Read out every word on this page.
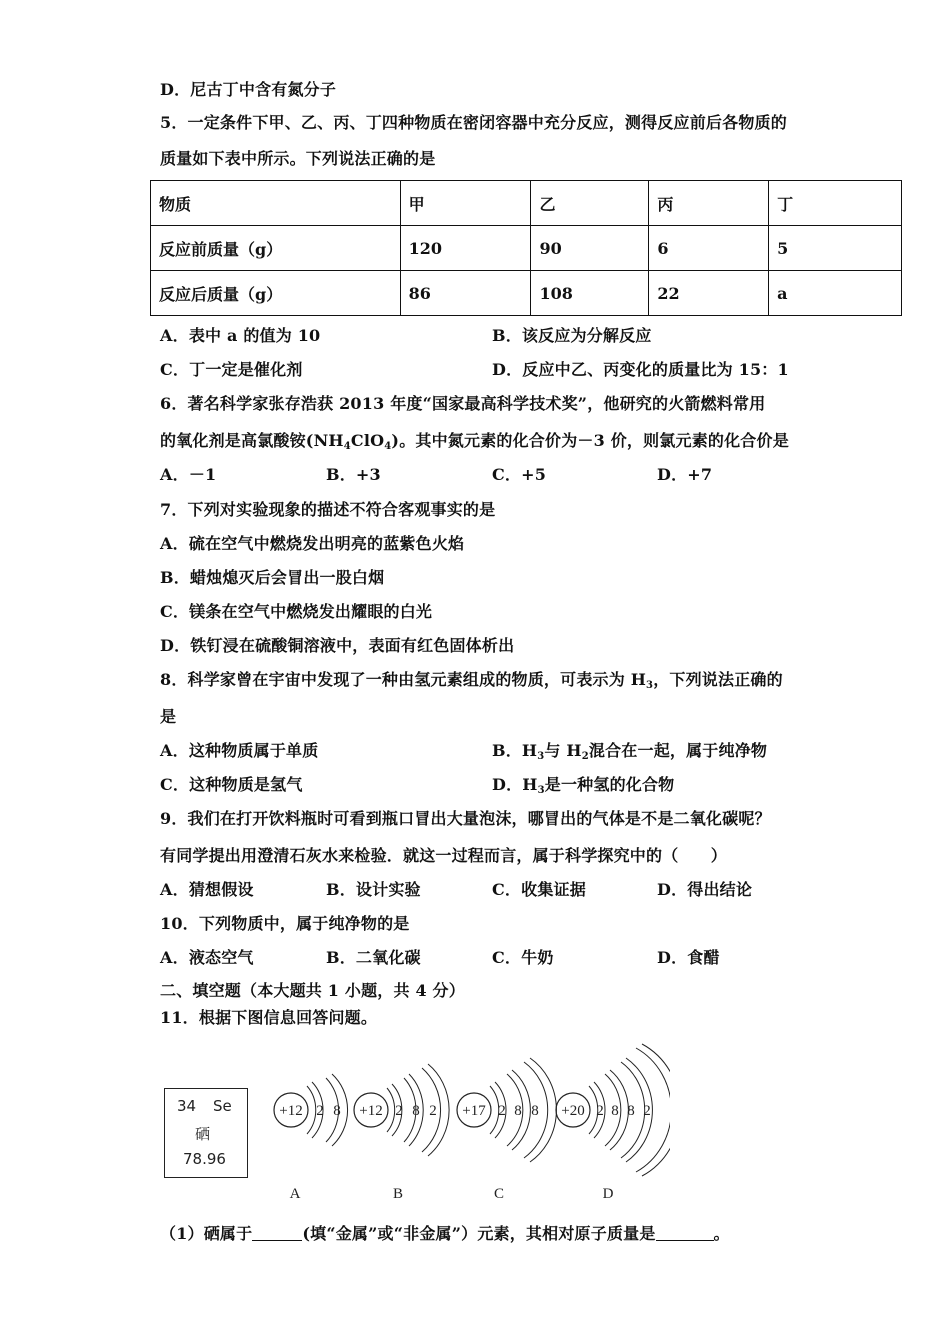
D．尼古丁中含有氮分子
5．一定条件下甲、乙、丙、丁四种物质在密闭容器中充分反应，测得反应前后各物质的
质量如下表中所示。下列说法正确的是
物质	甲	乙	丙	丁
反应前质量（g）	120	90	6	5
反应后质量（g）	86	108	22	a
A．表中 a 的值为 10	B．该反应为分解反应
C．丁一定是催化剂	D．反应中乙、丙变化的质量比为 15：1
6．著名科学家张存浩获 2013 年度“国家最高科学技术奖”，他研究的火箭燃料常用
的氧化剂是高氯酸铵$(NH_4ClO_4)$。其中氮元素的化合价为－3 价，则氯元素的化合价是
A．－1	B．+3	C．+5	D．+7
7．下列对实验现象的描述不符合客观事实的是
A．硫在空气中燃烧发出明亮的蓝紫色火焰
B．蜡烛熄灭后会冒出一股白烟
C．镁条在空气中燃烧发出耀眼的白光
D．铁钉浸在硫酸铜溶液中，表面有红色固体析出
8．科学家曾在宇宙中发现了一种由氢元素组成的物质，可表示为 $H_3$，下列说法正确的
是
A．这种物质属于单质	B．$H_3$与 $H_2$混合在一起，属于纯净物
C．这种物质是氢气	D．$H_3$是一种氢的化合物
9．我们在打开饮料瓶时可看到瓶口冒出大量泡沫，哪冒出的气体是不是二氧化碳呢？
有同学提出用澄清石灰水来检验．就这一过程而言，属于科学探究中的（　　）
A．猜想假设	B．设计实验	C．收集证据	D．得出结论
10．下列物质中，属于纯净物的是
A．液态空气	B．二氧化碳	C．牛奶	D．食醋
二、填空题（本大题共 1 小题，共 4 分）
11．根据下图信息回答问题。
34 Se
硒
78.96
+12 2 8
A
+12 2 8 2
B
+17 2 8 8
C
+20 2 8 8 2
D
（1）硒属于	(填“金属”或“非金属”）元素，其相对原子质量是	。
